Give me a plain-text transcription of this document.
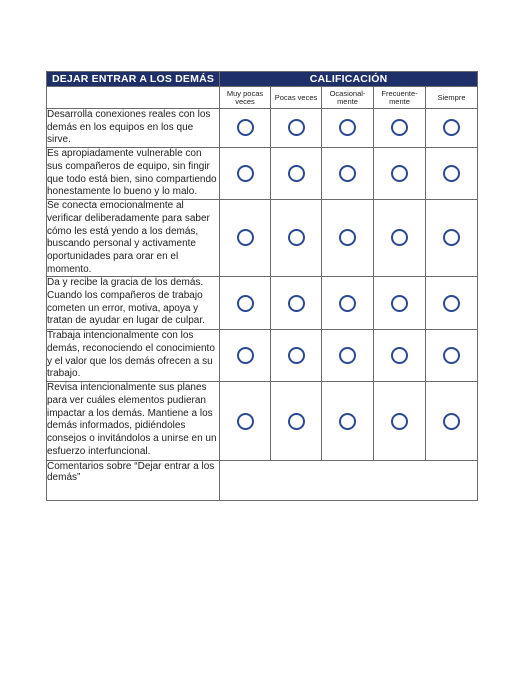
DEJAR ENTRAR A LOS DEMÁS	CALIFICACIÓN				
	Muy pocas veces	Pocas veces	Ocasional-mente	Frecuente-mente	Siempre
Desarrolla conexiones reales con los demás en los equipos en los que sirve.					
Es apropiadamente vulnerable con sus compañeros de equipo, sin fingir que todo está bien, sino compartiendo honestamente lo bueno y lo malo.					
Se conecta emocionalmente al verificar deliberadamente para saber cómo les está yendo a los demás, buscando personal y activamente oportunidades para orar en el momento.					
Da y recibe la gracia de los demás. Cuando los compañeros de trabajo cometen un error, motiva, apoya y tratan de ayudar en lugar de culpar.					
Trabaja intencionalmente con los demás, reconociendo el conocimiento y el valor que los demás ofrecen a su trabajo.					
Revisa intencionalmente sus planes para ver cuáles elementos pudieran impactar a los demás. Mantiene a los demás informados, pidiéndoles consejos o invitándolos a unirse en un esfuerzo interfuncional.					
Comentarios sobre “Dejar entrar a los demás”					
